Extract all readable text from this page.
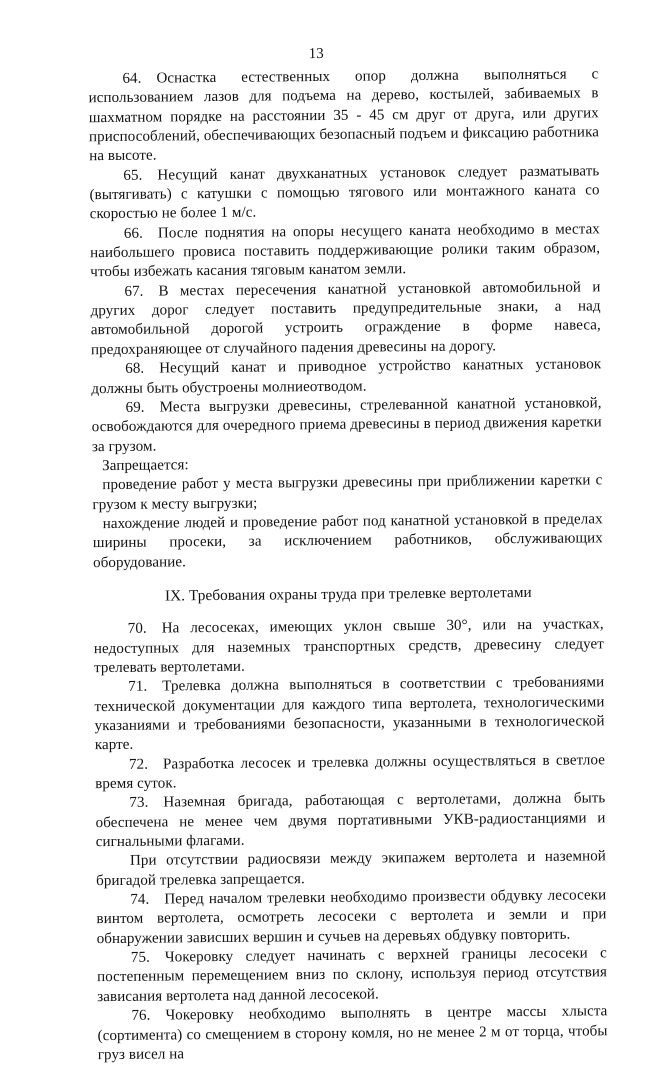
13

64. Оснастка естественных опор должна выполняться с использованием лазов для подъема на дерево, костылей, забиваемых в шахматном порядке на расстоянии 35 - 45 см друг от друга, или других приспособлений, обеспечивающих безопасный подъем и фиксацию работника на высоте.

65. Несущий канат двухканатных установок следует разматывать (вытягивать) с катушки с помощью тягового или монтажного каната со скоростью не более 1 м/с.

66. После поднятия на опоры несущего каната необходимо в местах наибольшего провиса поставить поддерживающие ролики таким образом, чтобы избежать касания тяговым канатом земли.

67. В местах пересечения канатной установкой автомобильной и других дорог следует поставить предупредительные знаки, а над автомобильной дорогой устроить ограждение в форме навеса, предохраняющее от случайного падения древесины на дорогу.

68. Несущий канат и приводное устройство канатных установок должны быть обустроены молниеотводом.

69. Места выгрузки древесины, стрелеванной канатной установкой, освобождаются для очередного приема древесины в период движения каретки за грузом.

Запрещается:

проведение работ у места выгрузки древесины при приближении каретки с грузом к месту выгрузки;

нахождение людей и проведение работ под канатной установкой в пределах ширины просеки, за исключением работников, обслуживающих оборудование.

IX. Требования охраны труда при трелевке вертолетами

70. На лесосеках, имеющих уклон свыше 30°, или на участках, недоступных для наземных транспортных средств, древесину следует трелевать вертолетами.

71. Трелевка должна выполняться в соответствии с требованиями технической документации для каждого типа вертолета, технологическими указаниями и требованиями безопасности, указанными в технологической карте.

72. Разработка лесосек и трелевка должны осуществляться в светлое время суток.

73. Наземная бригада, работающая с вертолетами, должна быть обеспечена не менее чем двумя портативными УКВ-радиостанциями и сигнальными флагами.

При отсутствии радиосвязи между экипажем вертолета и наземной бригадой трелевка запрещается.

74. Перед началом трелевки необходимо произвести обдувку лесосеки винтом вертолета, осмотреть лесосеки с вертолета и земли и при обнаружении зависших вершин и сучьев на деревьях обдувку повторить.

75. Чокеровку следует начинать с верхней границы лесосеки с постепенным перемещением вниз по склону, используя период отсутствия зависания вертолета над данной лесосекой.

76. Чокеровку необходимо выполнять в центре массы хлыста (сортимента) со смещением в сторону комля, но не менее 2 м от торца, чтобы груз висел на
